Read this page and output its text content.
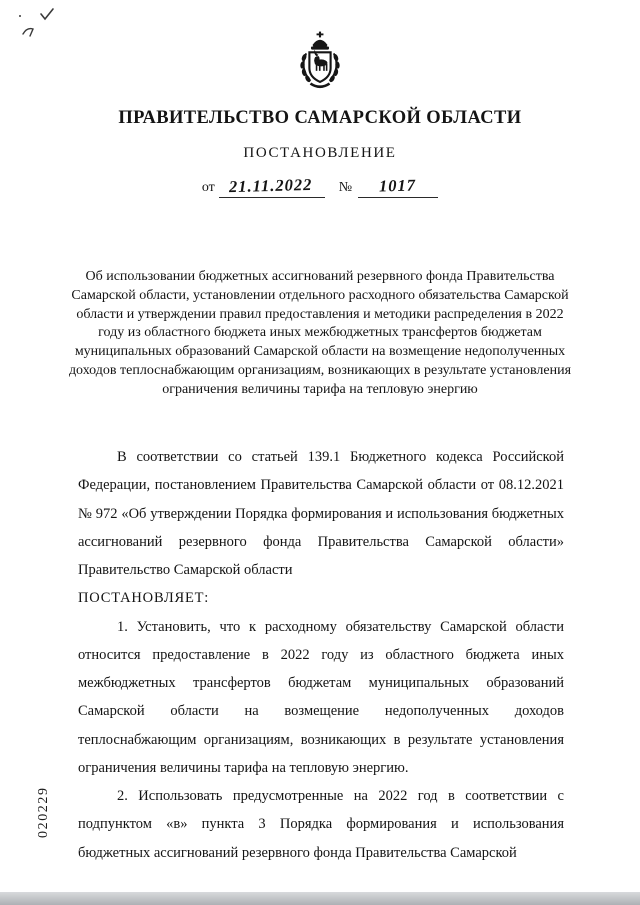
ПРАВИТЕЛЬСТВО САМАРСКОЙ ОБЛАСТИ
ПОСТАНОВЛЕНИЕ
от 21.11.2022 № 1017
Об использовании бюджетных ассигнований резервного фонда Правительства Самарской области, установлении отдельного расходного обязательства Самарской области и утверждении правил предоставления и методики распределения в 2022 году из областного бюджета иных межбюджетных трансфертов бюджетам муниципальных образований Самарской области на возмещение недополученных доходов теплоснабжающим организациям, возникающих в результате установления ограничения величины тарифа на тепловую энергию

В соответствии со статьей 139.1 Бюджетного кодекса Российской Федерации, постановлением Правительства Самарской области от 08.12.2021 № 972 «Об утверждении Порядка формирования и использования бюджетных ассигнований резервного фонда Правительства Самарской области» Правительство Самарской области

ПОСТАНОВЛЯЕТ:

1. Установить, что к расходному обязательству Самарской области относится предоставление в 2022 году из областного бюджета иных межбюджетных трансфертов бюджетам муниципальных образований Самарской области на возмещение недополученных доходов теплоснабжающим организациям, возникающих в результате установления ограничения величины тарифа на тепловую энергию.

2. Использовать предусмотренные на 2022 год в соответствии с подпунктом «в» пункта 3 Порядка формирования и использования бюджетных ассигнований резервного фонда Правительства Самарской

020229
